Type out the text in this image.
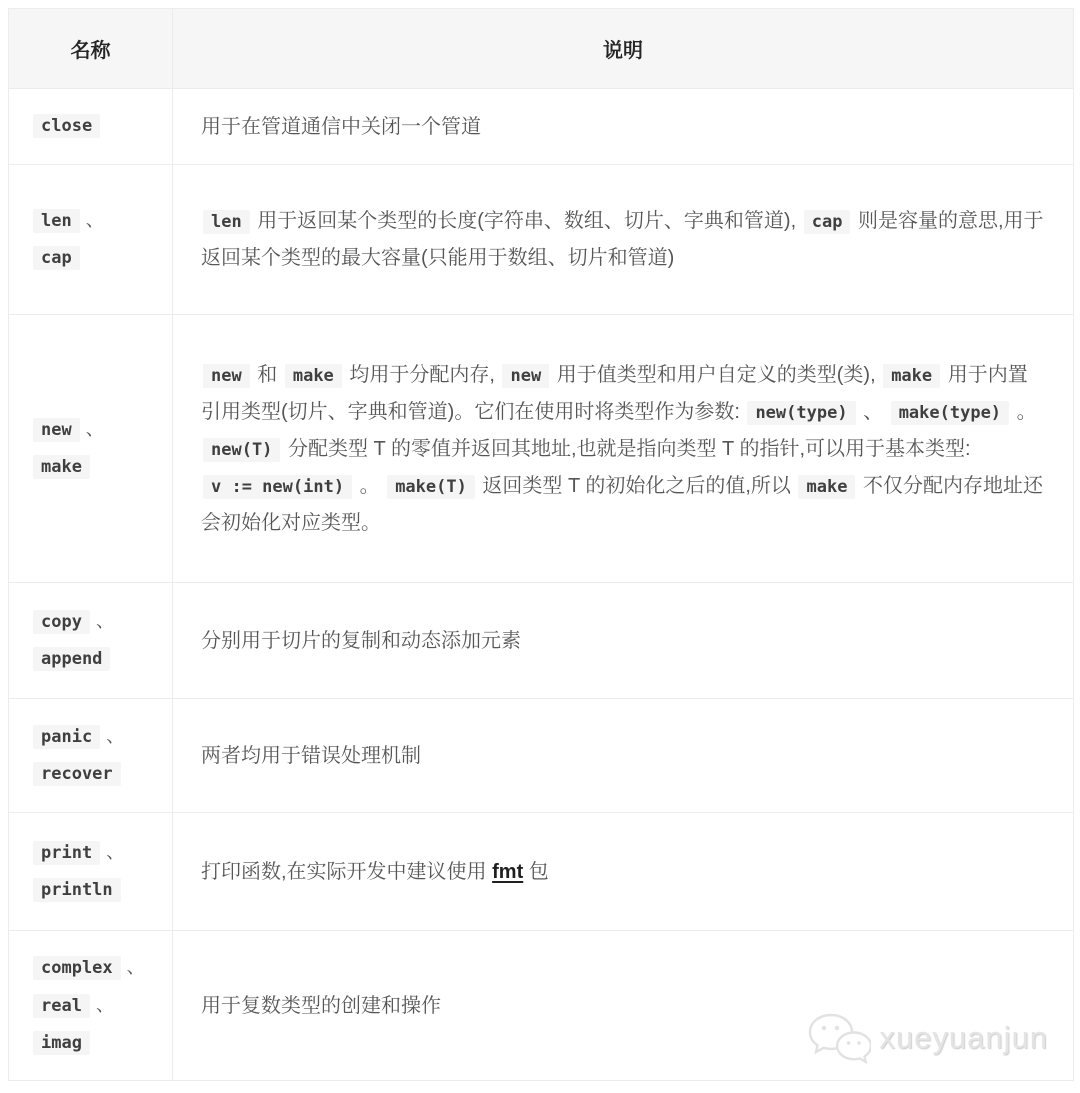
名称	说明

close	用于在管道通信中关闭一个管道

len 、
cap	len 用于返回某个类型的长度(字符串、数组、切片、字典和管道), cap 则是容量的意思,用于返回某个类型的最大容量(只能用于数组、切片和管道)

new 、
make	new 和 make 均用于分配内存, new 用于值类型和用户自定义的类型(类), make 用于内置引用类型(切片、字典和管道)。它们在使用时将类型作为参数: new(type) 、 make(type) 。 new(T) 分配类型 T 的零值并返回其地址,也就是指向类型 T 的指针,可以用于基本类型: v := new(int) 。 make(T) 返回类型 T 的初始化之后的值,所以 make 不仅分配内存地址还会初始化对应类型。

copy 、
append	分别用于切片的复制和动态添加元素

panic 、
recover	两者均用于错误处理机制

print 、
println	打印函数,在实际开发中建议使用 fmt 包

complex 、
real 、
imag	用于复数类型的创建和操作
xueyuanjun
